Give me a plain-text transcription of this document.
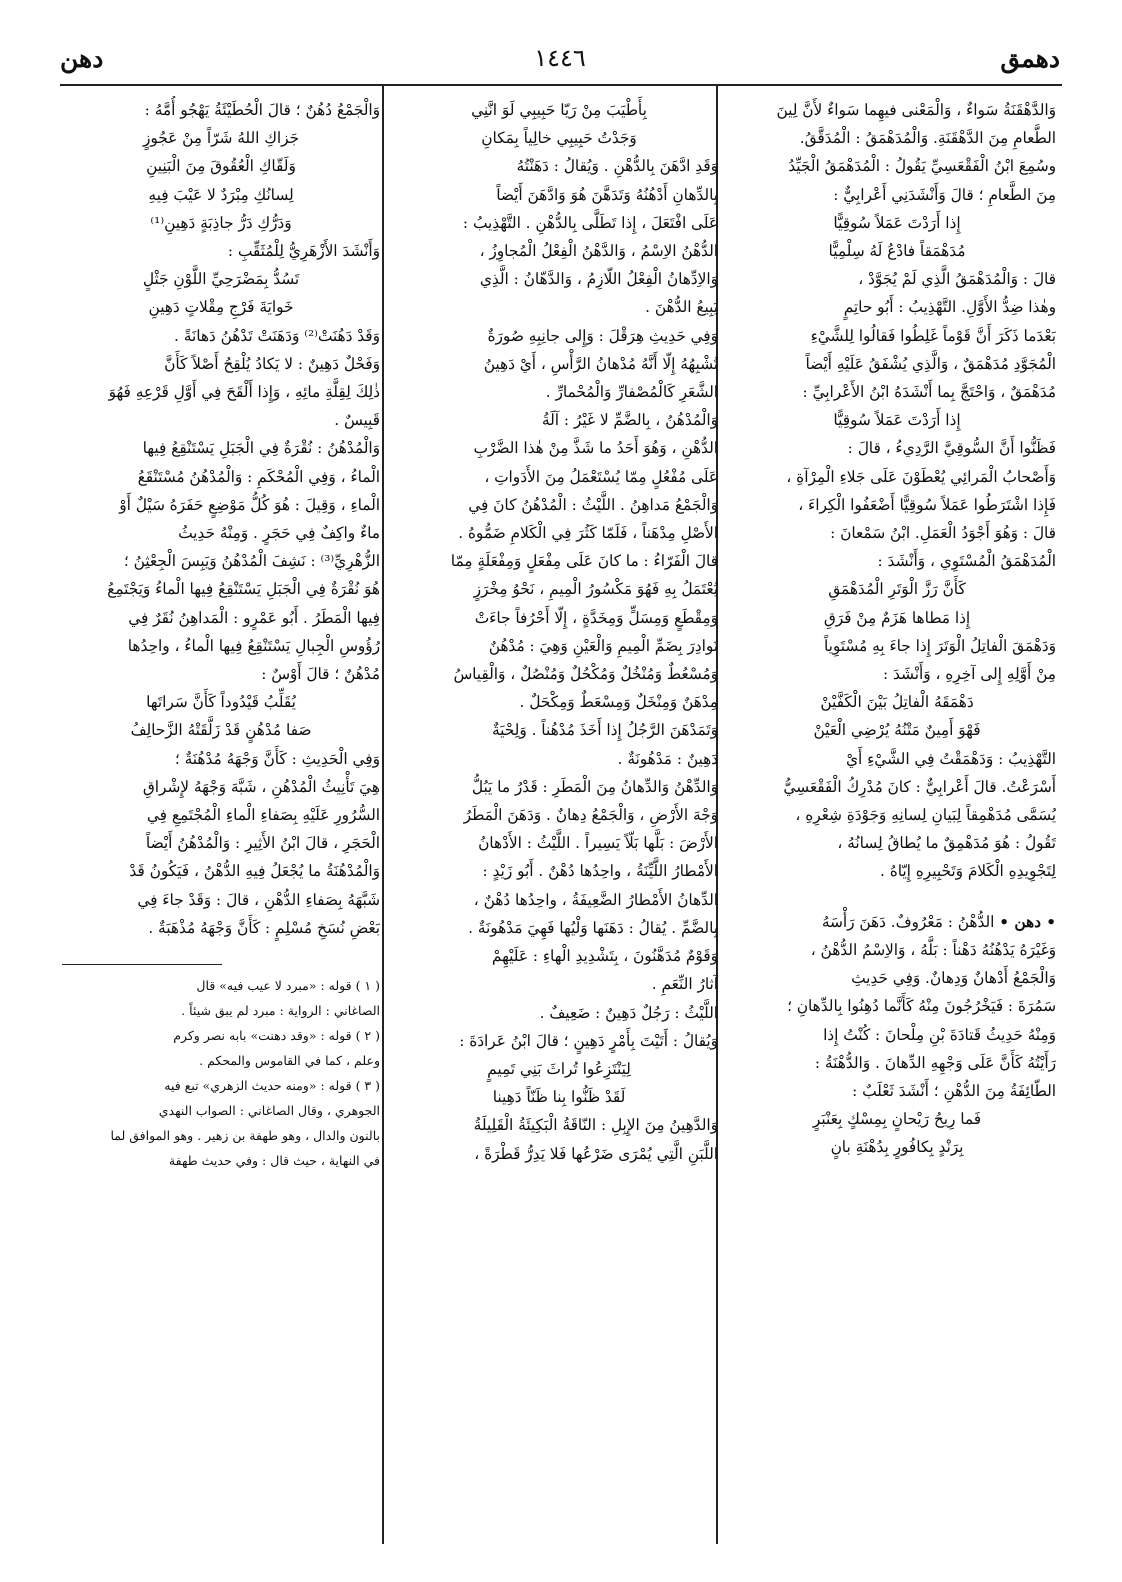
دهمق
١٤٤٦
دهن

وَالدَّهْقَنَةُ سَواءٌ ، وَالْمَعْنى فيهِما سَواءٌ لأَنَّ لِينَ

الطَّعامِ مِنَ الدَّهْقَنَةِ. وَالْمُدَهْمَقُ : الْمُدَقَّقُ.

وسُمِعَ ابْنُ الْفَقْعَسِيِّ يَقُولُ : الْمُدَهْمَقُ الْجَيِّدُ

مِنَ الطَّعامِ ؛ قالَ وَأَنْشَدَنِي أَعْرابِيٌّ :

إِذا أَرَدْتَ عَمَلاً سُوقِيًّا

مُدَهْمَقاً فادْعُ لَهُ سِلْمِيًّا

قالَ : وَالْمُدَهْمَقُ الَّذِي لَمْ يُجَوَّدْ ،

وهٰذا ضِدُّ الأَوَّلِ. التَّهْذِيبُ : أَبُو حاتِمٍ

بَعْدَما ذَكَرَ أَنَّ قَوْماً غَلِطُوا فَقالُوا لِلشَّيْءِ

الْمُجَوَّدِ مُدَهْمَقٌ ، وَالَّذِي يُشْفَقُ عَلَيْهِ أَيْضاً

مُدَهْمَقٌ ، وَاحْتَجَّ بِما أَنْشَدَهُ ابْنُ الأَعْرابِيِّ :

إِذا أَرَدْتَ عَمَلاً سُوقِيًّا

فَظَنُّوا أَنَّ السُّوقِيَّ الرَّدِيءُ ، قالَ :

وَأَصْحابُ الْمَرائِي يُعْطَوْنَ عَلَى جَلاءِ الْمِرْآةِ ،

فَإِذا اشْتَرَطُوا عَمَلاً سُوقِيًّا أَضْعَفُوا الْكِراءَ ،

قالَ : وَهُوَ أَجْوَدُ الْعَمَلِ. ابْنُ سَمْعانَ :

الْمُدَهْمَقُ الْمُسْتَوِي ، وَأَنْشَدَ :

كَأَنَّ رَزَّ الْوَتَرِ الْمُدَهْمَقِ

إِذا مَطاها هَزَمٌ مِنْ فَرَقِ

وَدَهْمَقَ الْفاتِلُ الْوَتَرَ إِذا جاءَ بِهِ مُسْتَوِياً

مِنْ أَوَّلِهِ إِلى آخِرِهِ ، وَأَنْشَدَ :

دَهْمَقَهُ الْفاتِلُ بَيْنَ الْكَفَّيْنْ

فَهْوَ أَمِينٌ مَتْنُهُ يُرْضِي الْعَيْنْ

التَّهْذِيبُ : وَدَهْمَقْتُ فِي الشَّيْءِ أَيْ

أَسْرَعْتُ. قالَ أَعْرابِيٌّ : كانَ مُدْرِكُ الْفَقْعَسِيُّ

يُسَمَّى مُدَهْمِقاً لِبَيانِ لِسانِهِ وَجَوْدَةِ شِعْرِهِ ،

تَقُولُ : هُوَ مُدَهْمِقٌ ما يُطاقُ لِسانُهُ ،

لِتَجْوِيدِهِ الْكَلامَ وَتَحْبِيرِهِ إِيّاهُ .

• دهن • الدُّهْنُ : مَعْرُوفٌ. دَهَنَ رَأْسَهُ

وَغَيْرَهُ يَدْهُنُهُ دَهْناً : بَلَّهُ ، وَالاِسْمُ الدُّهْنُ ،

وَالْجَمْعُ أَدْهانٌ وَدِهانٌ. وَفِي حَدِيثِ

سَمُرَةَ : فَيَخْرُجُونَ مِنْهُ كَأَنَّما دُهِنُوا بِالدِّهانِ ؛

وَمِنْهُ حَدِيثُ قَتادَةَ بْنِ مِلْحانَ : كُنْتُ إِذا

رَأَيْتُهُ كَأَنَّ عَلَى وَجْهِهِ الدِّهانَ . وَالدُّهْنَةُ :

الطّائِفَةُ مِنَ الدُّهْنِ ؛ أَنْشَدَ ثَعْلَبٌ :

فَما رِيحُ رَيْحانٍ بِمِسْكٍ بِعَنْبَرٍ

بِرَنْدٍ بِكافُورٍ بِدُهْنَةِ بانٍ

بِأَطْيَبَ مِنْ رَيّا حَبِيبِي لَوَ انَّنِي

وَجَدْتُ حَبِيبِي خالِياً بِمَكانِ

وَقَدِ ادَّهَنَ بِالدُّهْنِ . وَيُقالُ : دَهَنْتُهُ

بِالدِّهانِ أَدْهُنُهُ وَتَدَهَّنَ هُوَ وَادَّهَنَ أَيْضاً

عَلَى افْتَعَلَ ، إِذا تَطَلَّى بِالدُّهْنِ . التَّهْذِيبُ :

الدُّهْنُ الاِسْمُ ، وَالدَّهْنُ الْفِعْلُ الْمُجاوِزُ ،

وَالاِدِّهانُ الْفِعْلُ اللّازِمُ ، وَالدَّهّانُ : الَّذِي

يَبِيعُ الدُّهْنَ .

وَفِي حَدِيثِ هِرَقْلَ : وَإِلى جانِبِهِ صُورَةٌ

تُشْبِهُهُ إِلّا أَنَّهُ مُدْهانُ الرَّأْسِ ، أَيْ دَهِينُ

الشَّعَرِ كَالْمُصْفارِّ وَالْمُحْمارِّ .

وَالْمُدْهُنُ ، بِالضَّمِّ لا غَيْرُ : آلَةُ

الدُّهْنِ ، وَهُوَ أَحَدُ ما شَذَّ مِنْ هٰذا الضَّرْبِ

عَلَى مُفْعُلٍ مِمّا يُسْتَعْمَلُ مِنَ الأَدَواتِ ،

وَالْجَمْعُ مَداهِنُ . اللَّيْثُ : الْمُدْهُنُ كانَ فِي

الأَصْلِ مِدْهَناً ، فَلَمّا كَثُرَ فِي الْكَلامِ ضَمُّوهُ .

قالَ الْفَرّاءُ : ما كانَ عَلَى مِفْعَلٍ وَمِفْعَلَةٍ مِمّا

يُعْتَمَلُ بِهِ فَهُوَ مَكْسُورُ الْمِيمِ ، نَحْوُ مِخْرَزٍ

وَمِقْطَعٍ وَمِسَلٍّ وَمِخَدَّةٍ ، إِلّا أَحْرُفاً جاءَتْ

نَوادِرَ بِضَمِّ الْمِيمِ وَالْعَيْنِ وَهِيَ : مُدْهُنٌ

وَمُسْعُطٌ وَمُنْخُلٌ وَمُكْحُلٌ وَمُنْصُلٌ ، وَالْقِياسُ

مِدْهَنٌ وَمِنْخَلٌ وَمِسْعَطٌ وَمِكْحَلٌ .

وَتَمَدْهَنَ الرَّجُلُ إِذا أَخَذَ مُدْهُناً . وَلِحْيَةٌ

دَهِينٌ : مَدْهُونَةٌ .

وَالدِّهْنُ وَالدِّهانُ مِنَ الْمَطَرِ : قَدْرُ ما يَبُلُّ

وَجْهَ الأَرْضِ ، وَالْجَمْعُ دِهانٌ . وَدَهَنَ الْمَطَرُ

الأَرْضَ : بَلَّها بَلّاً يَسِيراً . اللَّيْثُ : الأَدْهانُ

الأَمْطارُ اللَّيِّنَةُ ، واحِدُها دُهْنٌ . أَبُو زَيْدٍ :

الدِّهانُ الأَمْطارُ الضَّعِيفَةُ ، واحِدُها دُهْنٌ ،

بِالضَّمِّ . يُقالُ : دَهَنَها وَلْيُها فَهِيَ مَدْهُونَةٌ .

وَقَوْمٌ مُدَهَّنُونَ ، بِتَشْدِيدِ الْهاءِ : عَلَيْهِمْ

آثارُ النِّعَمِ .

اللَّيْثُ : رَجُلٌ دَهِينٌ : ضَعِيفٌ .

وَيُقالُ : أَتَيْتَ بِأَمْرٍ دَهِينٍ ؛ قالَ ابْنُ عَرادَةَ :

لِيَنْتَزِعُوا تُراثَ بَنِي تَمِيمٍ

لَقَدْ ظَنُّوا بِنا ظَنّاً دَهِينا

وَالدَّهِينُ مِنَ الإِبِلِ : النّاقَةُ الْبَكِيئَةُ الْقَلِيلَةُ

اللَّبَنِ الَّتِي يُمْرَى ضَرْعُها فَلا يَدِرُّ قَطْرَةً ،

وَالْجَمْعُ دُهُنٌ ؛ قالَ الْحُطَيْئَةُ يَهْجُو أُمَّهُ :

جَزاكِ اللهُ شَرّاً مِنْ عَجُوزٍ

وَلَقّاكِ الْعُقُوقَ مِنَ الْبَنِينِ

لِسانُكِ مِبْرَدٌ لا عَيْبَ فِيهِ

وَدَرُّكِ دَرُّ جاذِبَةٍ دَهِينِ⁽¹⁾

وَأَنْشَدَ الأَزْهَرِيُّ لِلْمُثَقِّبِ :

تَسُدُّ بِمَضْرَحِيِّ اللَّوْنِ جَثْلٍ

خَوايَةَ فَرْجِ مِقْلاتٍ دَهِينِ

وَقَدْ دَهُنَتْ⁽²⁾ وَدَهَنَتْ تَدْهُنُ دَهانَةً .

وَفَحْلٌ دَهِينٌ : لا يَكادُ يُلْقِحُ أَصْلاً كَأَنَّ

ذٰلِكَ لِقِلَّةِ مائِهِ ، وَإِذا أَلْقَحَ فِي أَوَّلِ قَرْعِهِ فَهُوَ

قَبِيسٌ .

وَالْمُدْهُنُ : نُقْرَةٌ فِي الْجَبَلِ يَسْتَنْقِعُ فِيها

الْماءُ ، وَفِي الْمُحْكَمِ : وَالْمُدْهُنُ مُسْتَنْقَعُ

الْماءِ ، وَقِيلَ : هُوَ كُلُّ مَوْضِعٍ حَفَرَهُ سَيْلٌ أَوْ

ماءٌ واكِفٌ فِي حَجَرٍ . وَمِنْهُ حَدِيثُ

الزُّهْرِيِّ⁽³⁾ : نَشِفَ الْمُدْهُنُ وَيَبِسَ الْجِعْثِنُ ؛

هُوَ نُقْرَةٌ فِي الْجَبَلِ يَسْتَنْقِعُ فِيها الْماءُ وَيَجْتَمِعُ

فِيها الْمَطَرُ . أَبُو عَمْرٍو : الْمَداهِنُ نُقَرٌ فِي

رُؤُوسِ الْجِبالِ يَسْتَنْقِعُ فِيها الْماءُ ، واحِدُها

مُدْهُنٌ ؛ قالَ أَوْسٌ :

يُقَلِّبُ قَيْدُوداً كَأَنَّ سَراتَها

صَفا مُدْهُنٍ قَدْ زَلَّقَتْهُ الزَّحالِفُ

وَفِي الْحَدِيثِ : كَأَنَّ وَجْهَهُ مُدْهُنَةٌ ؛

هِيَ تَأْنِيثُ الْمُدْهُنِ ، شَبَّهَ وَجْهَهُ لإِشْراقِ

السُّرُورِ عَلَيْهِ بِصَفاءِ الْماءِ الْمُجْتَمِعِ فِي

الْحَجَرِ ، قالَ ابْنُ الأَثِيرِ : وَالْمُدْهُنُ أَيْضاً

وَالْمُدْهُنَةُ ما يُجْعَلُ فِيهِ الدُّهْنُ ، فَيَكُونُ قَدْ

شَبَّهَهُ بِصَفاءِ الدُّهْنِ ، قالَ : وَقَدْ جاءَ فِي

بَعْضِ نُسَخِ مُسْلِمٍ : كَأَنَّ وَجْهَهُ مُذْهَبَةٌ .

( ١ ) قوله : «مبرد لا عيب فيه» قال

الصاغاني : الرواية : مبرد لم يبق شيئاً .

( ٢ ) قوله : «وقد دهنت» بابه نصر وكرم

وعلم ، كما في القاموس والمحكم .

( ٣ ) قوله : «ومنه حديث الزهري» تبع فيه

الجوهري ، وقال الصاغاني : الصواب النهدي

بالنون والدال ، وهو طهفة بن زهير . وهو الموافق لما

في النهاية ، حيث قال : وفي حديث طهفة
